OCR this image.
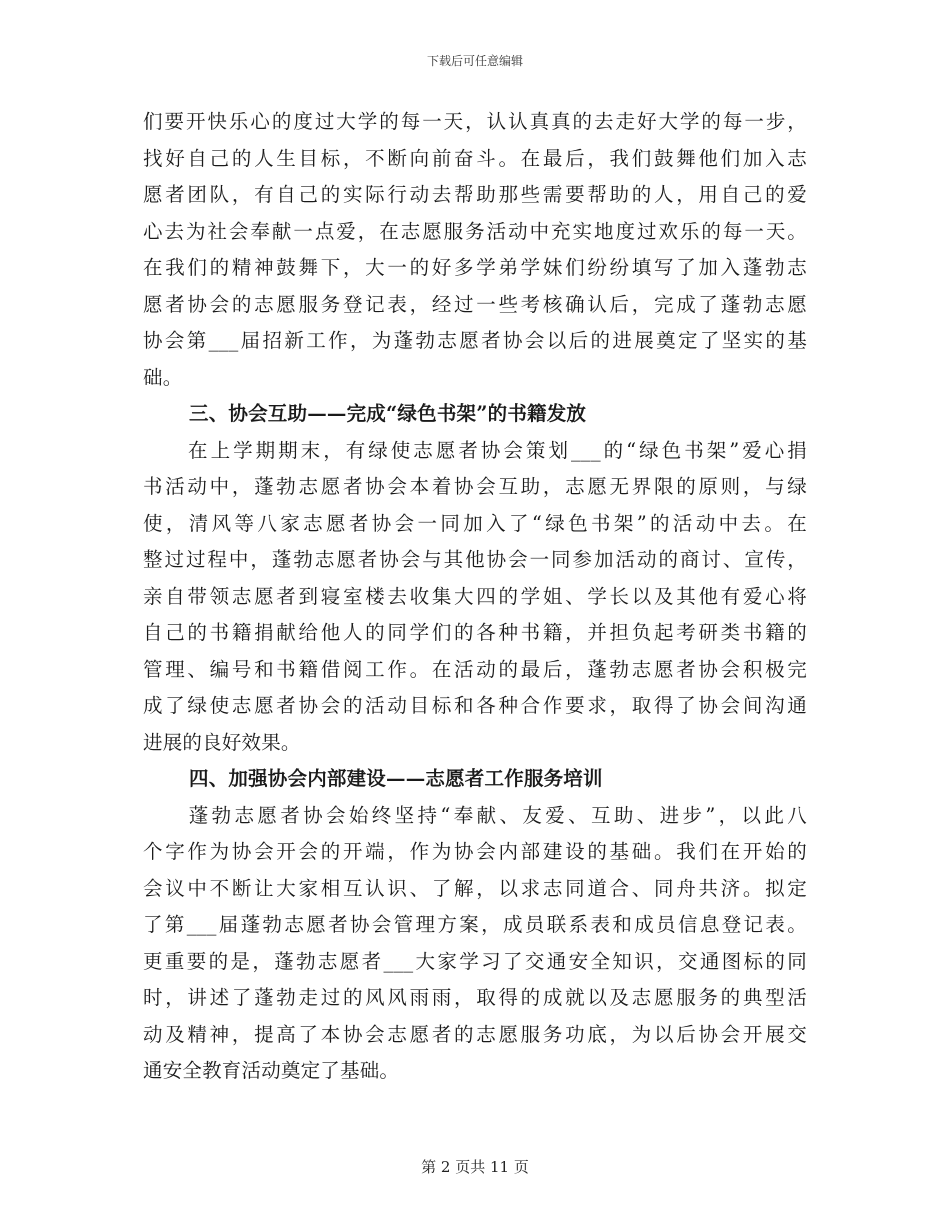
下载后可任意编辑
们要开快乐心的度过大学的每一天，认认真真的去走好大学的每一步，
找好自己的人生目标，不断向前奋斗。在最后，我们鼓舞他们加入志
愿者团队，有自己的实际行动去帮助那些需要帮助的人，用自己的爱
心去为社会奉献一点爱，在志愿服务活动中充实地度过欢乐的每一天。
在我们的精神鼓舞下，大一的好多学弟学妹们纷纷填写了加入蓬勃志
愿者协会的志愿服务登记表，经过一些考核确认后，完成了蓬勃志愿
协会第___届招新工作，为蓬勃志愿者协会以后的进展奠定了坚实的基
础。
三、协会互助——完成“绿色书架”的书籍发放
　　在上学期期末，有绿使志愿者协会策划___的“绿色书架”爱心捐
书活动中，蓬勃志愿者协会本着协会互助，志愿无界限的原则，与绿
使，清风等八家志愿者协会一同加入了“绿色书架”的活动中去。在
整过过程中，蓬勃志愿者协会与其他协会一同参加活动的商讨、宣传，
亲自带领志愿者到寝室楼去收集大四的学姐、学长以及其他有爱心将
自己的书籍捐献给他人的同学们的各种书籍，并担负起考研类书籍的
管理、编号和书籍借阅工作。在活动的最后，蓬勃志愿者协会积极完
成了绿使志愿者协会的活动目标和各种合作要求，取得了协会间沟通
进展的良好效果。
四、加强协会内部建设——志愿者工作服务培训
　　蓬勃志愿者协会始终坚持“奉献、友爱、互助、进步”，以此八
个字作为协会开会的开端，作为协会内部建设的基础。我们在开始的
会议中不断让大家相互认识、了解，以求志同道合、同舟共济。拟定
了第___届蓬勃志愿者协会管理方案，成员联系表和成员信息登记表。
更重要的是，蓬勃志愿者___大家学习了交通安全知识，交通图标的同
时，讲述了蓬勃走过的风风雨雨，取得的成就以及志愿服务的典型活
动及精神，提高了本协会志愿者的志愿服务功底，为以后协会开展交
通安全教育活动奠定了基础。
第 2 页共 11 页
